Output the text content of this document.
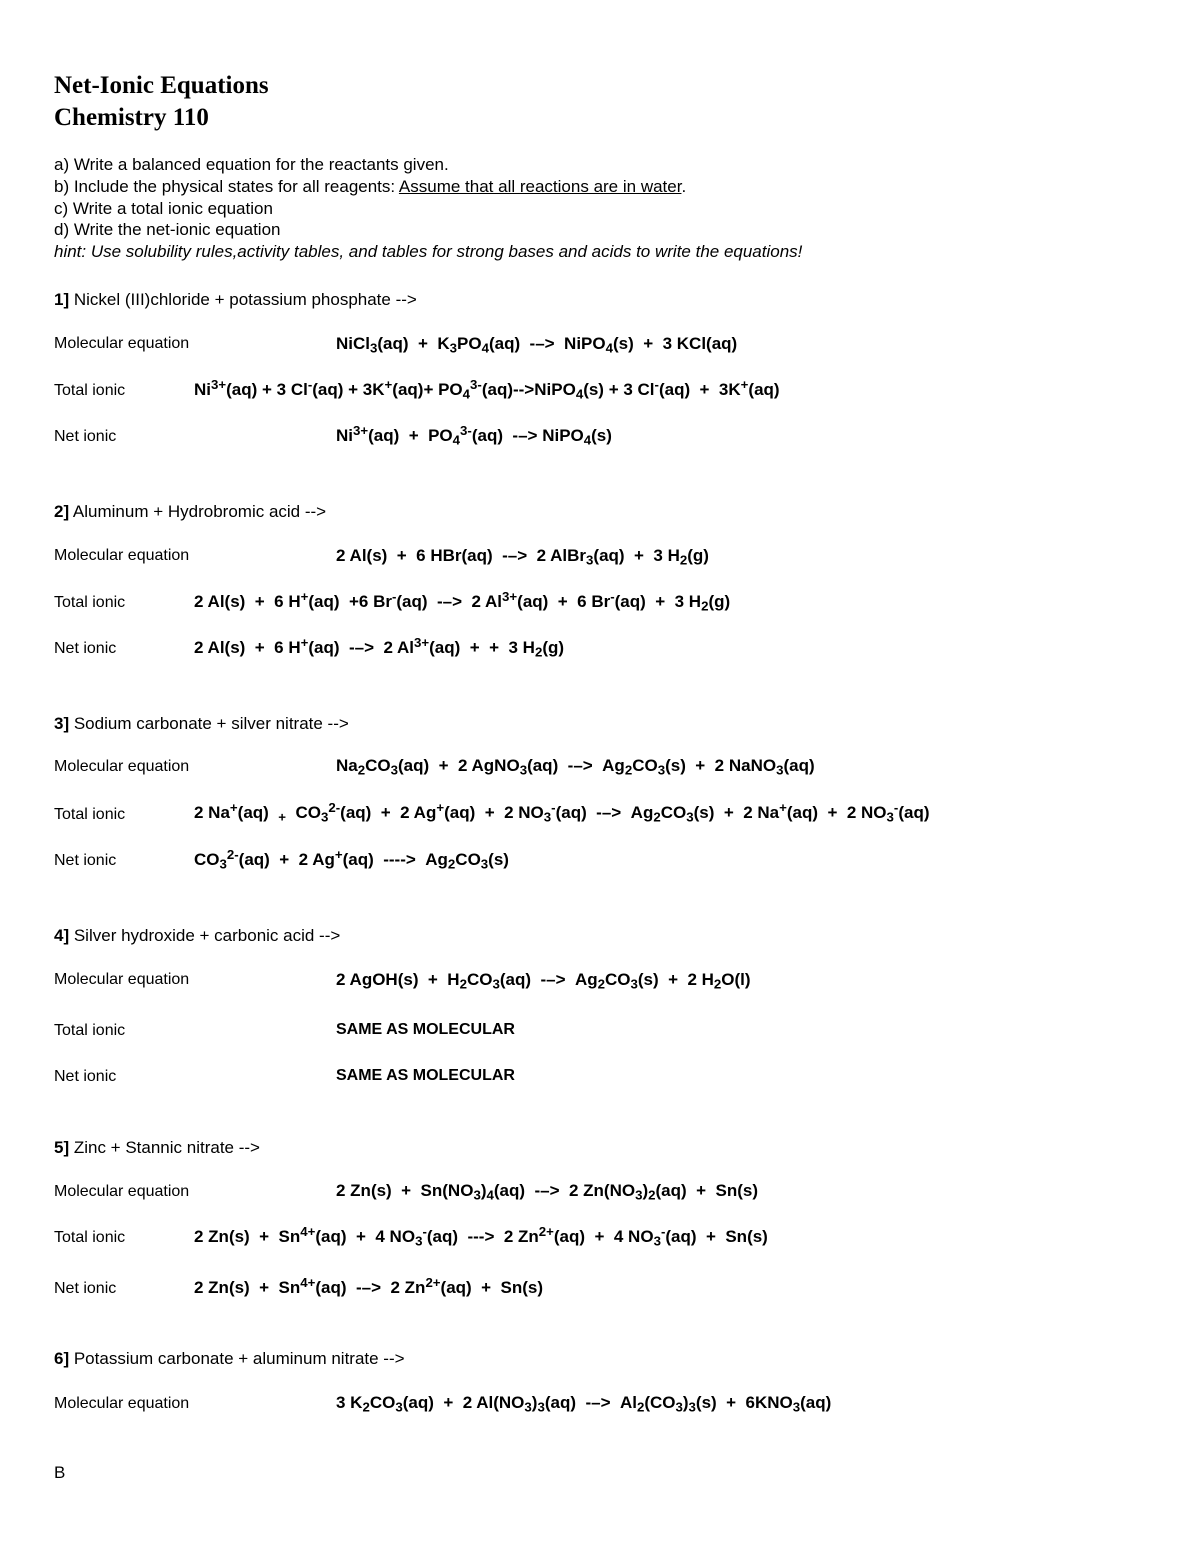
Net-Ionic Equations
Chemistry 110
a) Write a balanced equation for the reactants given.
b) Include the physical states for all reagents: Assume that all reactions are in water.
c) Write a total ionic equation
d) Write the net-ionic equation
hint: Use solubility rules,activity tables, and tables for strong bases and acids to write the equations!
1] Nickel (III)chloride + potassium phosphate -->
Molecular equation	NiCl$_3$(aq)  +  $K_3PO_4(aq)$  -–>  NiPO$_4$(s)  +  3 KCl(aq)
Total ionic	$Ni^{3+}(aq) + 3$ $Cl^-(aq) + 3K^+(aq)+ PO_4^{3-}(aq)-->NiPO_4(s) + 3$ Cl-(aq)  +  3K+(aq)
Net ionic	$Ni^{3+}(aq) + PO_4^{3-}(aq)$  -–> NiPO$_4$(s)
2] Aluminum + Hydrobromic acid -->
Molecular equation	2 Al(s)  +  6 HBr(aq)  -–>  2 AlBr$_3$(aq)  +  3 $H_2(g)$
Total ionic	2 Al(s)  +  6 H+(aq)  +6 Br-(aq)  -–>  2 $Al^{3+}(aq) + 6$ Br-(aq)  +  3 $H_2(g)$
Net ionic	2 Al(s)  +  6 H+(aq)  -–>  2 $Al^{3+}(aq)$  +  +  3 $H_2(g)$
3] Sodium carbonate + silver nitrate -->
Molecular equation	$Na_2CO_3(aq) + 2$ AgNO$_3$(aq)  -–>  $Ag_2CO_3(s) + 2$ NaNO$_3$(aq)
Total ionic	2 Na+(aq)  $_+$  $CO_3^{2-}(aq) + 2$ Ag+(aq)  +  2 $NO_3^-(aq)$  -–>  $Ag_2CO_3(s) + 2$ Na+(aq)  +  2 $NO_3^-(aq)$
Net ionic	$CO_3^{2-}(aq) + 2$ Ag+(aq)  ---->  $Ag_2CO_3(s)$
4] Silver hydroxide + carbonic acid -->
Molecular equation	2 AgOH(s)  +  $H_2CO_3(aq)$  -–>  $Ag_2CO_3(s) + 2$ $H_2O(l)$
Total ionic	SAME AS MOLECULAR
Net ionic	SAME AS MOLECULAR
5] Zinc + Stannic nitrate -->
Molecular equation	2 $Zn(s) + Sn(NO_3)_4(aq)$  -–>  2 $Zn(NO_3)_2(aq) + Sn(s)$
Total ionic	2 $Zn(s) + Sn^{4+}(aq) + 4$ $NO_3^-(aq)$  --->  2 $Zn^{2+}(aq) + 4$ $NO_3^-(aq) + Sn(s)$
Net ionic	2 $Zn(s) + Sn^{4+}(aq)$  -–>  2 $Zn^{2+}(aq) + Sn(s)$
6] Potassium carbonate + aluminum nitrate -->
Molecular equation	3 $K_2CO_3(aq) + 2$ $Al(NO_3)_3(aq)$  -–>  $Al_2(CO_3)_3(s) + 6KNO_3(aq)$
B
